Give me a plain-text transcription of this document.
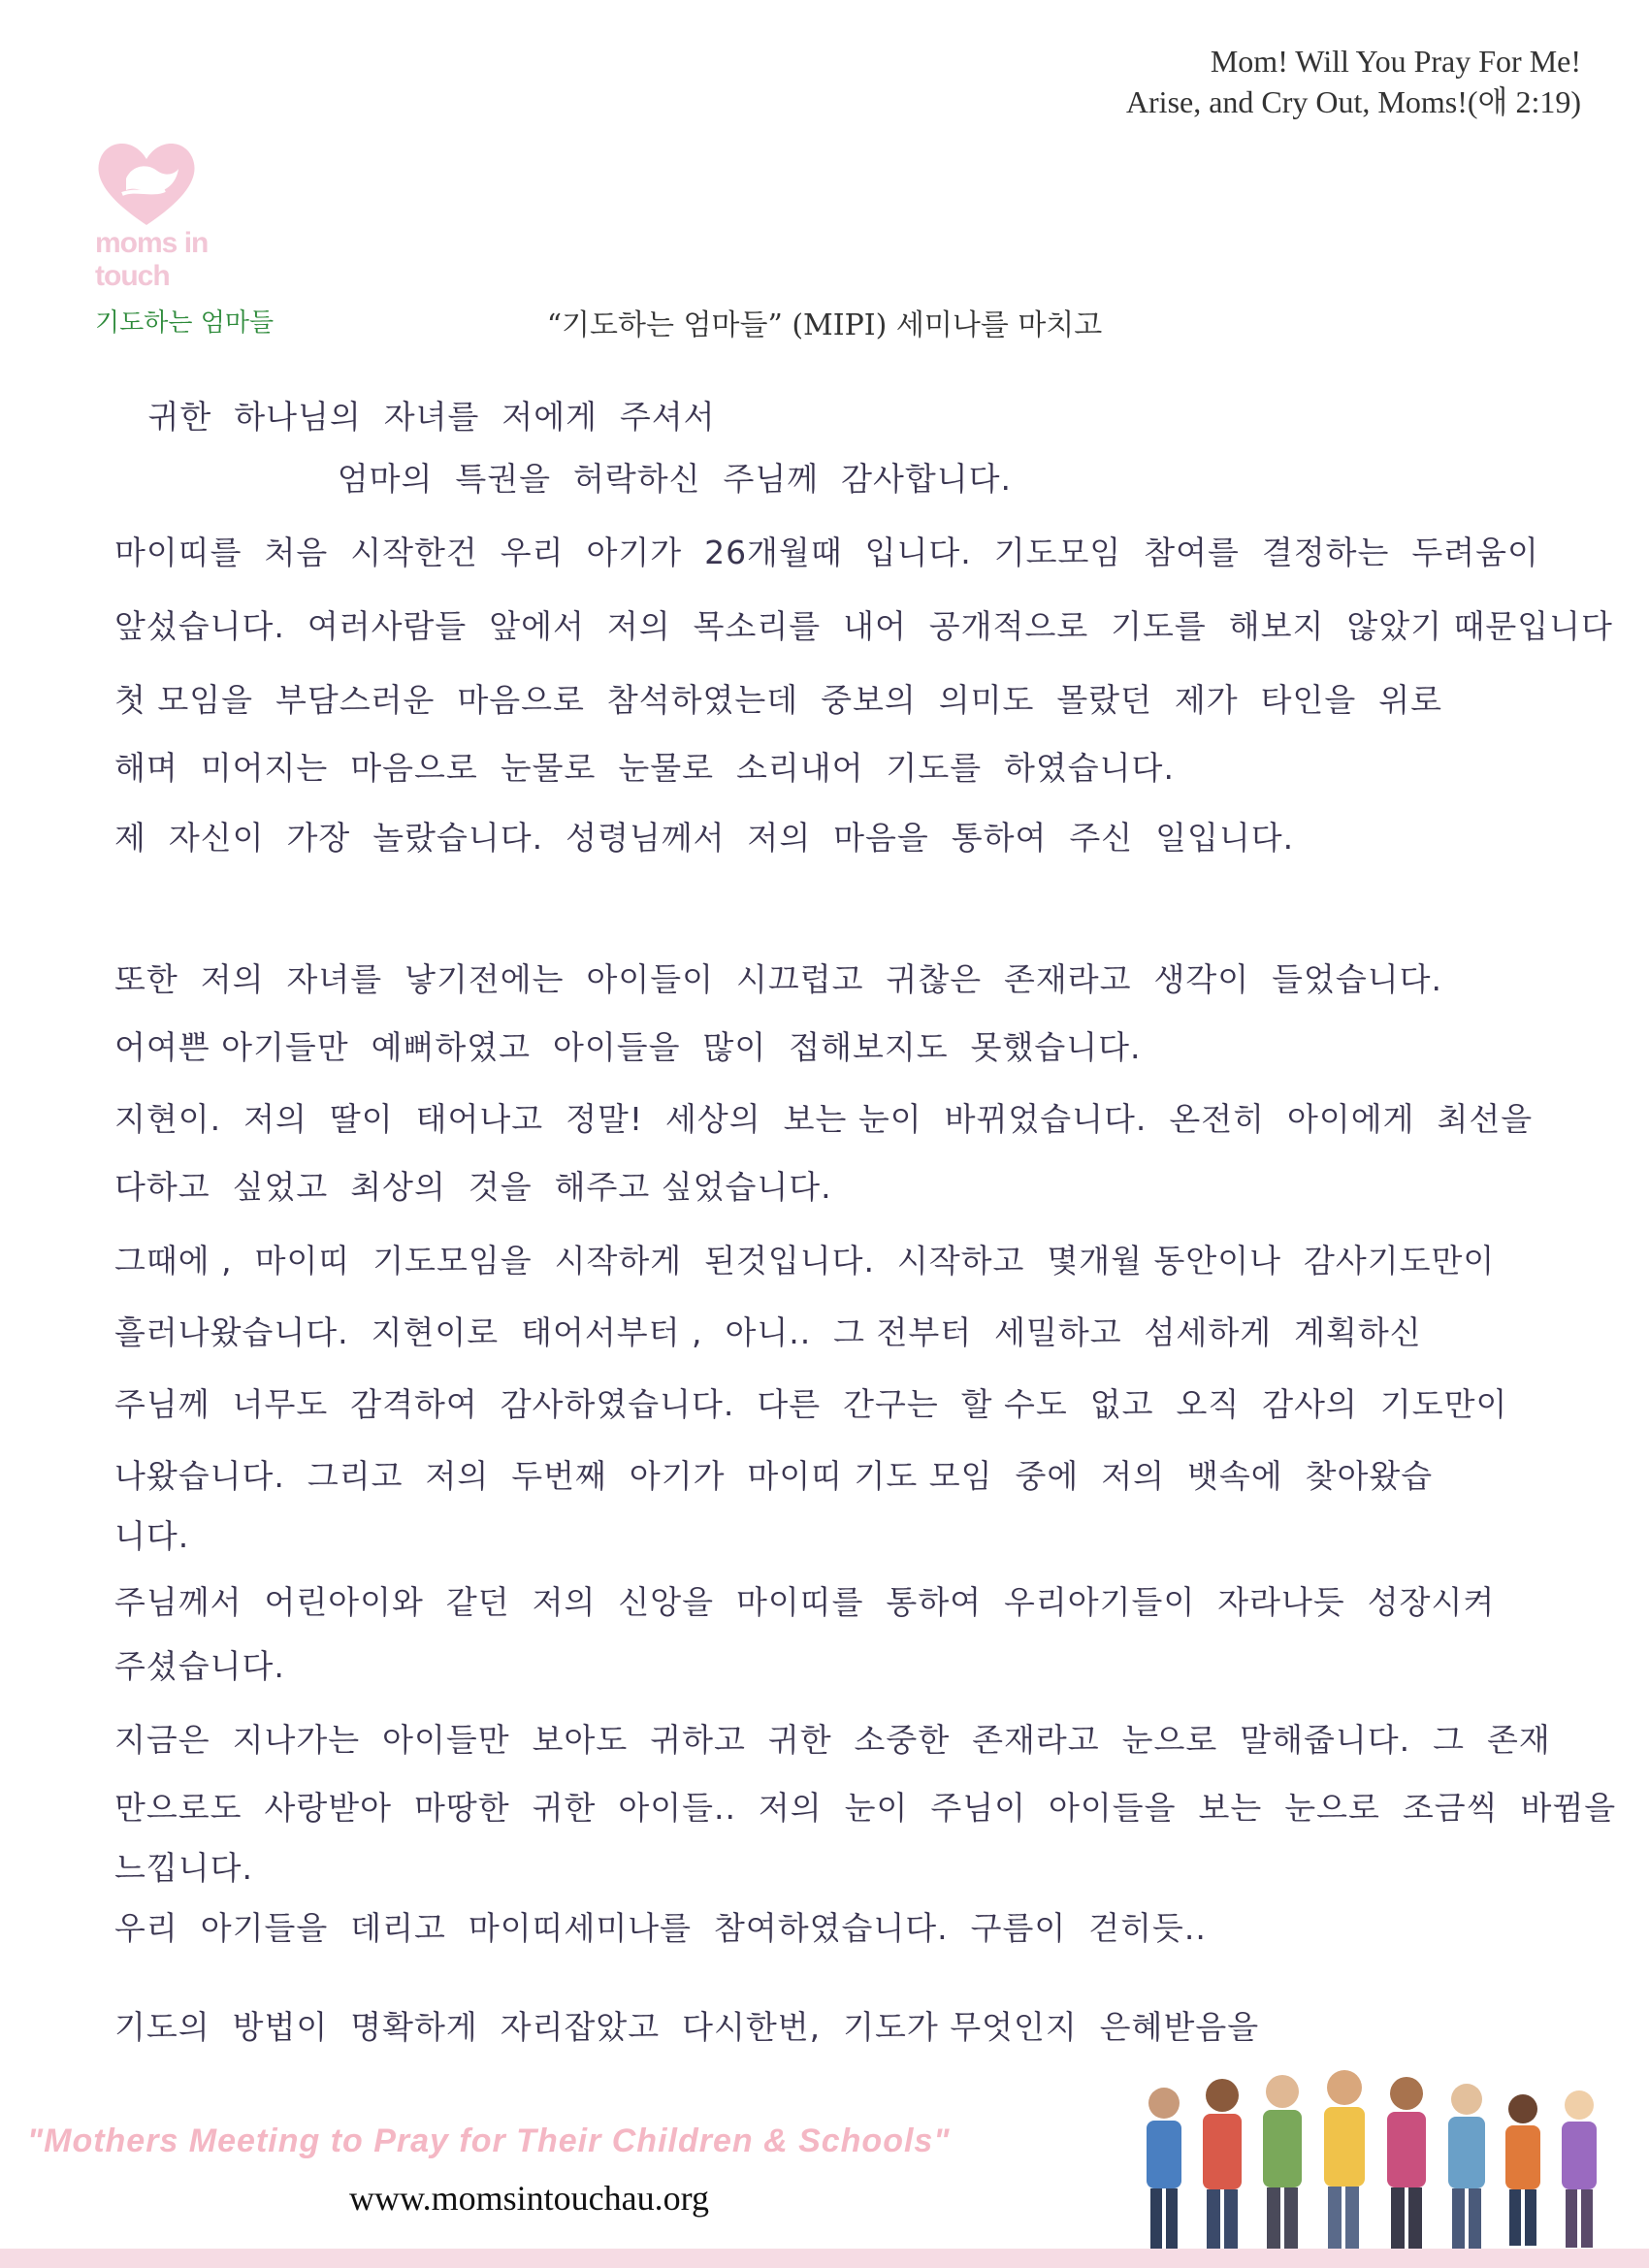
Mom! Will You Pray For Me!
Arise, and Cry Out, Moms!(애 2:19)
moms in touch
기도하는 엄마들	“기도하는 엄마들” (MIPI) 세미나를 마치고
귀한  하나님의  자녀를  저에게  주셔서
엄마의  특권을  허락하신  주님께  감사합니다.
마이띠를  처음  시작한건  우리  아기가  26개월때  입니다.  기도모임  참여를  결정하는  두려움이
앞섰습니다.  여러사람들  앞에서  저의  목소리를  내어  공개적으로  기도를  해보지  않았기 때문입니다
첫 모임을  부담스러운  마음으로  참석하였는데  중보의  의미도  몰랐던  제가  타인을  위로
해며  미어지는  마음으로  눈물로  눈물로  소리내어  기도를  하였습니다.
제  자신이  가장  놀랐습니다.  성령님께서  저의  마음을  통하여  주신  일입니다.
또한  저의  자녀를  낳기전에는  아이들이  시끄럽고  귀찮은  존재라고  생각이  들었습니다.
어여쁜 아기들만  예뻐하였고  아이들을  많이  접해보지도  못했습니다.
지현이.  저의  딸이  태어나고  정말!  세상의  보는 눈이  바뀌었습니다.  온전히  아이에게  최선을
다하고  싶었고  최상의  것을  해주고 싶었습니다.
그때에 ,  마이띠  기도모임을  시작하게  된것입니다.  시작하고  몇개월 동안이나  감사기도만이
흘러나왔습니다.  지현이로  태어서부터 ,  아니..  그 전부터  세밀하고  섬세하게  계획하신
주님께  너무도  감격하여  감사하였습니다.  다른  간구는  할 수도  없고  오직  감사의  기도만이
나왔습니다.  그리고  저의  두번째  아기가  마이띠 기도 모임  중에  저의  뱃속에  찾아왔습
니다.
주님께서  어린아이와  같던  저의  신앙을  마이띠를  통하여  우리아기들이  자라나듯  성장시켜
주셨습니다.
지금은  지나가는  아이들만  보아도  귀하고  귀한  소중한  존재라고  눈으로  말해줍니다.  그  존재
만으로도  사랑받아  마땅한  귀한  아이들..  저의  눈이  주님이  아이들을  보는  눈으로  조금씩  바뀜을
느낍니다.
우리  아기들을  데리고  마이띠세미나를  참여하였습니다.  구름이  걷히듯..
기도의  방법이  명확하게  자리잡았고  다시한번,  기도가 무엇인지  은혜받음을
"Mothers Meeting to Pray for Their Children & Schools"
www.momsintouchau.org
